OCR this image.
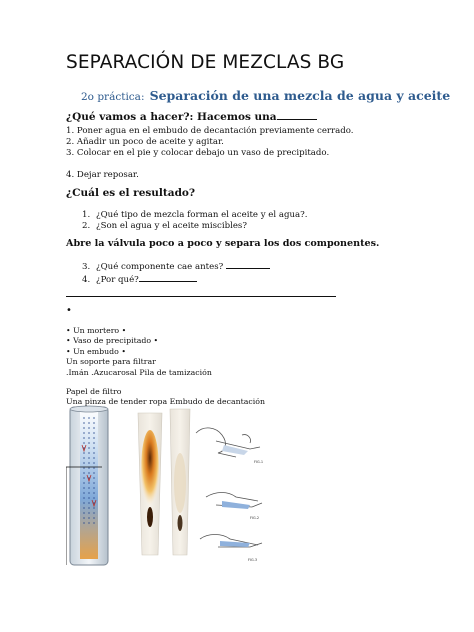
SEPARACIÓN DE MEZCLAS BG
2o práctica: Separación de una mezcla de agua y aceite
¿Qué vamos a hacer?: Hacemos una
1. Poner agua en el embudo de decantación previamente cerrado.
2. Añadir un poco de aceite y agitar.
3. Colocar en el pie y colocar debajo un vaso de precipitado.
4. Dejar reposar.
¿Cuál es el resultado?
1. ¿Qué tipo de mezcla forman el aceite y el agua?.
2. ¿Son el agua y el aceite miscibles?
Abre la válvula poco a poco y separa los dos componentes.
3. ¿Qué componente cae antes?
4. ¿Por qué?
•
• Un mortero •
• Vaso de precipitado •
• Un embudo •
Un soporte para filtrar
.Imán .Azucarosal Pila de tamización
Papel de filtro
Una pinza de tender ropa Embudo de decantación
FIG.1
FIG.2
FIG.3
